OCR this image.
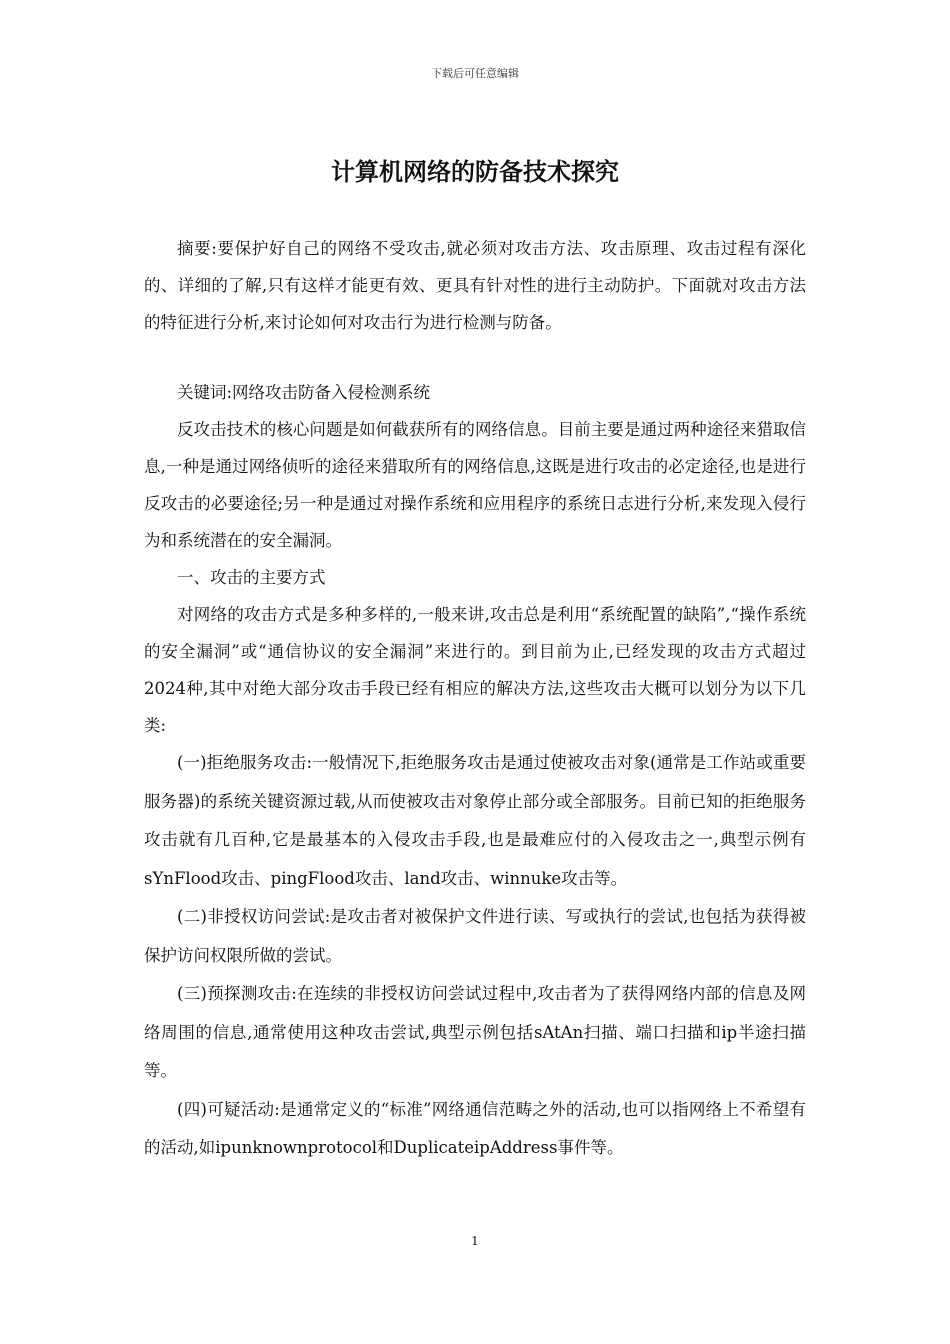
下载后可任意编辑
计算机网络的防备技术探究

摘要:要保护好自己的网络不受攻击,就必须对攻击方法、攻击原理、攻击过程有深化的、详细的了解,只有这样才能更有效、更具有针对性的进行主动防护。下面就对攻击方法的特征进行分析,来讨论如何对攻击行为进行检测与防备。

关键词:网络攻击防备入侵检测系统

反攻击技术的核心问题是如何截获所有的网络信息。目前主要是通过两种途径来猎取信息,一种是通过网络侦听的途径来猎取所有的网络信息,这既是进行攻击的必定途径,也是进行反攻击的必要途径;另一种是通过对操作系统和应用程序的系统日志进行分析,来发现入侵行为和系统潜在的安全漏洞。

一、攻击的主要方式

对网络的攻击方式是多种多样的,一般来讲,攻击总是利用“系统配置的缺陷”,“操作系统的安全漏洞”或“通信协议的安全漏洞”来进行的。到目前为止,已经发现的攻击方式超过2024种,其中对绝大部分攻击手段已经有相应的解决方法,这些攻击大概可以划分为以下几类:

(一)拒绝服务攻击:一般情况下,拒绝服务攻击是通过使被攻击对象(通常是工作站或重要服务器)的系统关键资源过载,从而使被攻击对象停止部分或全部服务。目前已知的拒绝服务攻击就有几百种,它是最基本的入侵攻击手段,也是最难应付的入侵攻击之一,典型示例有sYnFlood攻击、pingFlood攻击、land攻击、winnuke攻击等。

(二)非授权访问尝试:是攻击者对被保护文件进行读、写或执行的尝试,也包括为获得被保护访问权限所做的尝试。

(三)预探测攻击:在连续的非授权访问尝试过程中,攻击者为了获得网络内部的信息及网络周围的信息,通常使用这种攻击尝试,典型示例包括sAtAn扫描、端口扫描和ip半途扫描等。

(四)可疑活动:是通常定义的“标准”网络通信范畴之外的活动,也可以指网络上不希望有的活动,如ipunknownprotocol和DuplicateipAddress事件等。

1
